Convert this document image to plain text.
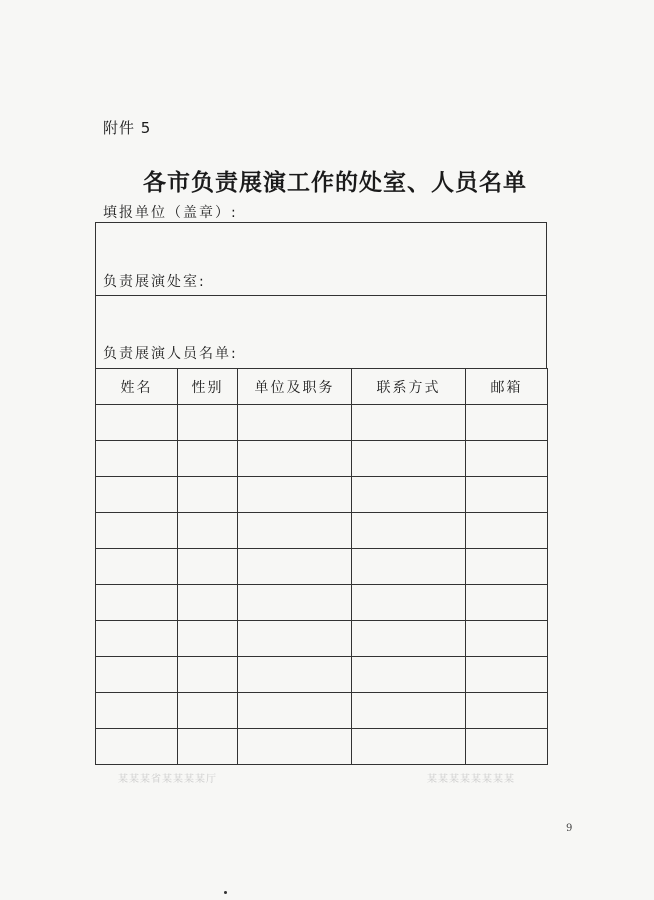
附件 5
各市负责展演工作的处室、人员名单
填报单位（盖章）:
负责展演处室:
负责展演人员名单:
姓名	性别	单位及职务	联系方式	邮箱

某某某省某某某某厅	某某某某某某某某
9
